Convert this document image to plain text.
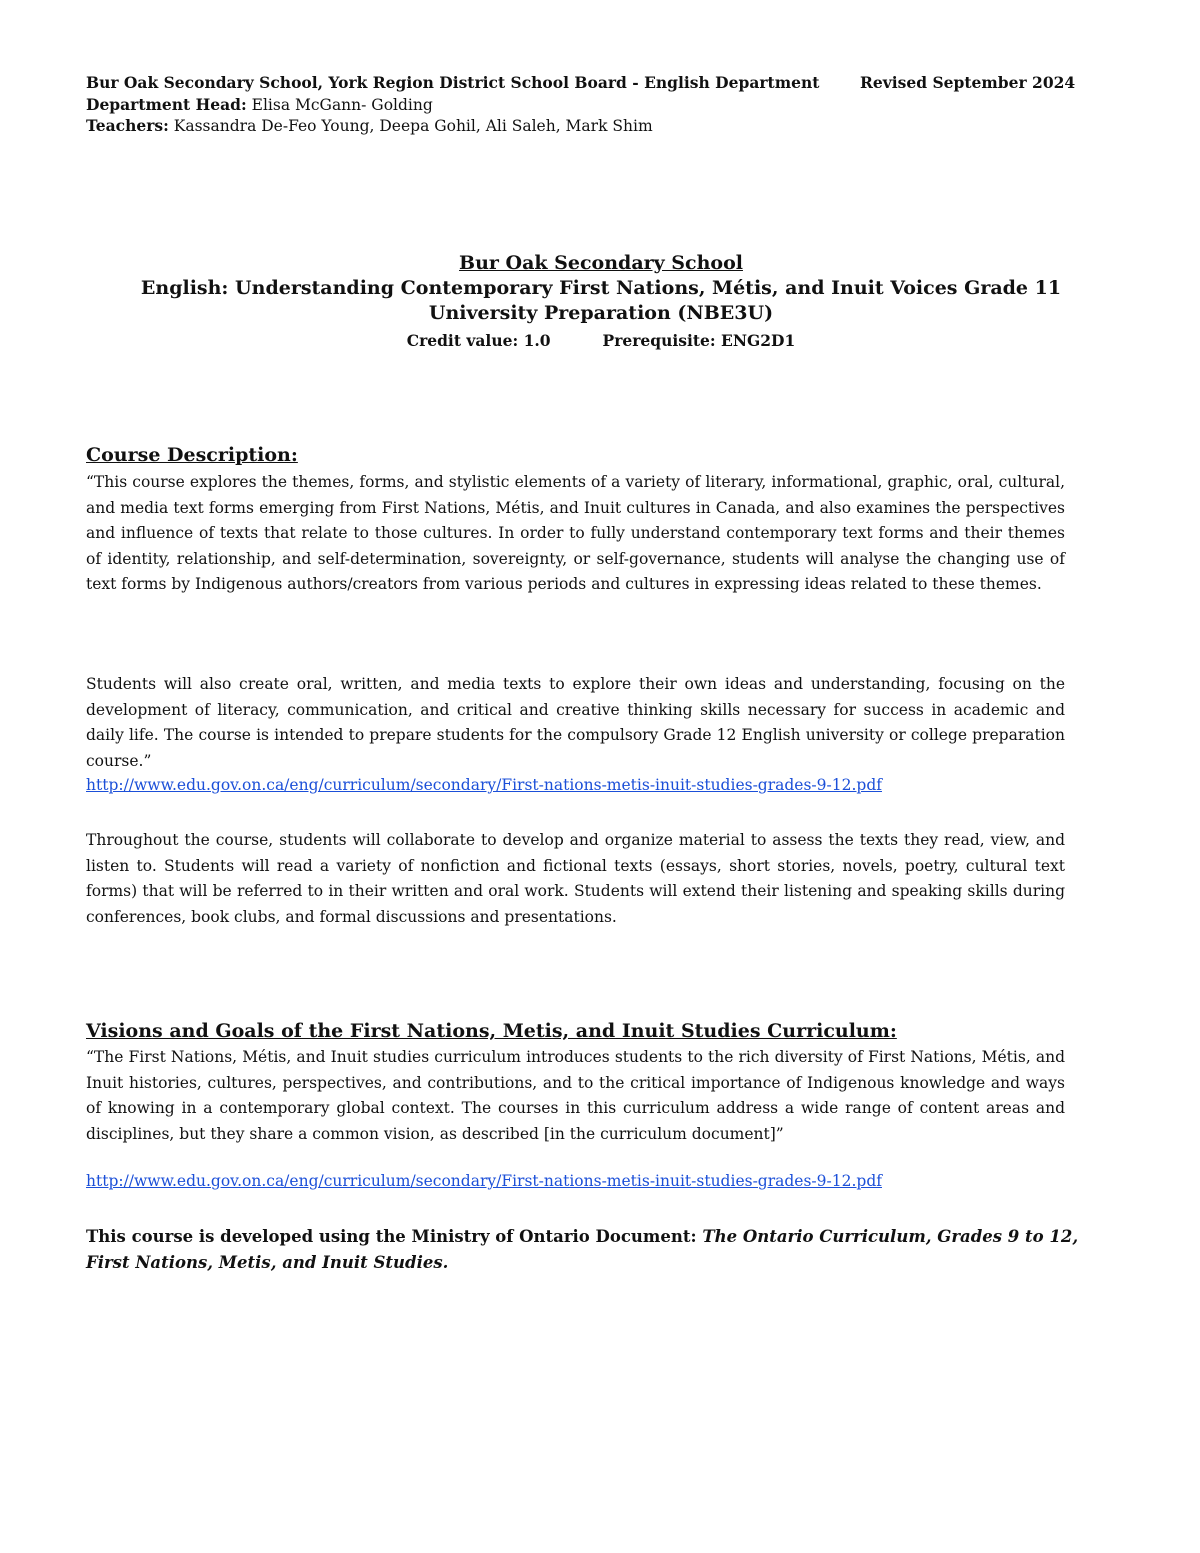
Bur Oak Secondary School, York Region District School Board - English Department	Revised September 2024
Department Head: Elisa McGann- Golding
Teachers: Kassandra De-Feo Young, Deepa Gohil, Ali Saleh, Mark Shim
Bur Oak Secondary School
English: Understanding Contemporary First Nations, Métis, and Inuit Voices Grade 11 University Preparation (NBE3U)
Credit value: 1.0	Prerequisite: ENG2D1
Course Description:
“This course explores the themes, forms, and stylistic elements of a variety of literary, informational, graphic, oral, cultural, and media text forms emerging from First Nations, Métis, and Inuit cultures in Canada, and also examines the perspectives and influence of texts that relate to those cultures. In order to fully understand contemporary text forms and their themes of identity, relationship, and self-determination, sovereignty, or self-governance, students will analyse the changing use of text forms by Indigenous authors/creators from various periods and cultures in expressing ideas related to these themes.
Students will also create oral, written, and media texts to explore their own ideas and understanding, focusing on the development of literacy, communication, and critical and creative thinking skills necessary for success in academic and daily life. The course is intended to prepare students for the compulsory Grade 12 English university or college preparation course.”
http://www.edu.gov.on.ca/eng/curriculum/secondary/First-nations-metis-inuit-studies-grades-9-12.pdf
Throughout the course, students will collaborate to develop and organize material to assess the texts they read, view, and listen to. Students will read a variety of nonfiction and fictional texts (essays, short stories, novels, poetry, cultural text forms) that will be referred to in their written and oral work. Students will extend their listening and speaking skills during conferences, book clubs, and formal discussions and presentations.
Visions and Goals of the First Nations, Metis, and Inuit Studies Curriculum:
“The First Nations, Métis, and Inuit studies curriculum introduces students to the rich diversity of First Nations, Métis, and Inuit histories, cultures, perspectives, and contributions, and to the critical importance of Indigenous knowledge and ways of knowing in a contemporary global context. The courses in this curriculum address a wide range of content areas and disciplines, but they share a common vision, as described [in the curriculum document]”
http://www.edu.gov.on.ca/eng/curriculum/secondary/First-nations-metis-inuit-studies-grades-9-12.pdf
This course is developed using the Ministry of Ontario Document: The Ontario Curriculum, Grades 9 to 12, First Nations, Metis, and Inuit Studies.
